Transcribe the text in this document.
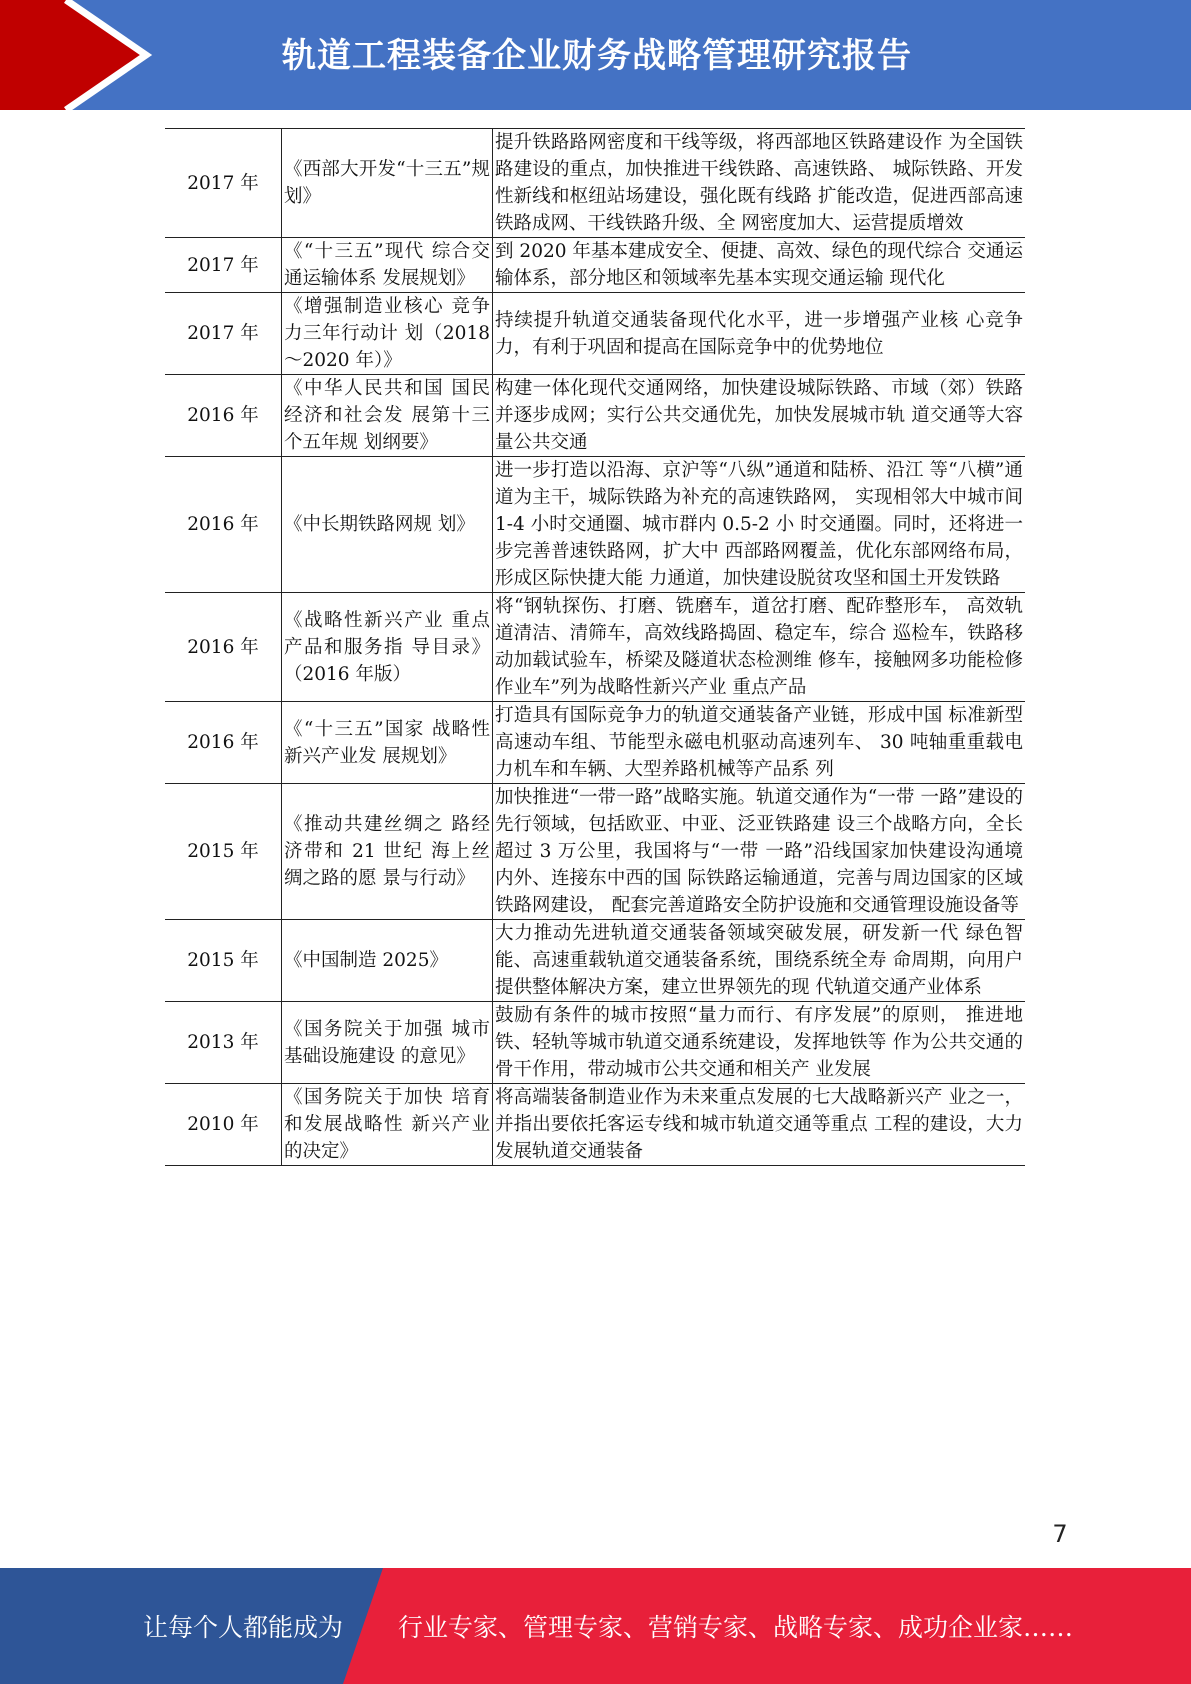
轨道工程装备企业财务战略管理研究报告
2017 年	《西部大开发“十三五”规划》	提升铁路路网密度和干线等级，将西部地区铁路建设作 为全国铁路建设的重点，加快推进干线铁路、高速铁路、 城际铁路、开发性新线和枢纽站场建设，强化既有线路 扩能改造，促进西部高速铁路成网、干线铁路升级、全 网密度加大、运营提质增效
2017 年	《“十三五”现代 综合交通运输体系 发展规划》	到 2020 年基本建成安全、便捷、高效、绿色的现代综合 交通运输体系，部分地区和领域率先基本实现交通运输 现代化
2017 年	《增强制造业核心 竞争力三年行动计 划（2018～2020 年）》	持续提升轨道交通装备现代化水平，进一步增强产业核 心竞争力，有利于巩固和提高在国际竞争中的优势地位
2016 年	《中华人民共和国 国民经济和社会发 展第十三个五年规 划纲要》	构建一体化现代交通网络，加快建设城际铁路、市域（郊）铁路并逐步成网；实行公共交通优先，加快发展城市轨 道交通等大容量公共交通
2016 年	《中长期铁路网规 划》	进一步打造以沿海、京沪等“八纵”通道和陆桥、沿江 等“八横”通道为主干，城际铁路为补充的高速铁路网， 实现相邻大中城市间 1-4 小时交通圈、城市群内 0.5-2 小 时交通圈。同时，还将进一步完善普速铁路网，扩大中 西部路网覆盖，优化东部网络布局，形成区际快捷大能 力通道，加快建设脱贫攻坚和国土开发铁路
2016 年	《战略性新兴产业 重点产品和服务指 导目录》（2016 年版）	将“钢轨探伤、打磨、铣磨车，道岔打磨、配砟整形车， 高效轨道清洁、清筛车，高效线路捣固、稳定车，综合 巡检车，铁路移动加载试验车，桥梁及隧道状态检测维 修车，接触网多功能检修作业车”列为战略性新兴产业 重点产品
2016 年	《“十三五”国家 战略性新兴产业发 展规划》	打造具有国际竞争力的轨道交通装备产业链，形成中国 标准新型高速动车组、节能型永磁电机驱动高速列车、 30 吨轴重重载电力机车和车辆、大型养路机械等产品系 列
2015 年	《推动共建丝绸之 路经济带和 21 世纪 海上丝绸之路的愿 景与行动》	加快推进“一带一路”战略实施。轨道交通作为“一带 一路”建设的先行领域，包括欧亚、中亚、泛亚铁路建 设三个战略方向，全长超过 3 万公里，我国将与“一带 一路”沿线国家加快建设沟通境内外、连接东中西的国 际铁路运输通道，完善与周边国家的区域铁路网建设， 配套完善道路安全防护设施和交通管理设施设备等
2015 年	《中国制造 2025》	大力推动先进轨道交通装备领域突破发展，研发新一代 绿色智能、高速重载轨道交通装备系统，围绕系统全寿 命周期，向用户提供整体解决方案，建立世界领先的现 代轨道交通产业体系
2013 年	《国务院关于加强 城市基础设施建设 的意见》	鼓励有条件的城市按照“量力而行、有序发展”的原则， 推进地铁、轻轨等城市轨道交通系统建设，发挥地铁等 作为公共交通的骨干作用，带动城市公共交通和相关产 业发展
2010 年	《国务院关于加快 培育和发展战略性 新兴产业的决定》	将高端装备制造业作为未来重点发展的七大战略新兴产 业之一，并指出要依托客运专线和城市轨道交通等重点 工程的建设，大力发展轨道交通装备
7
让每个人都能成为 行业专家、管理专家、营销专家、战略专家、成功企业家……
